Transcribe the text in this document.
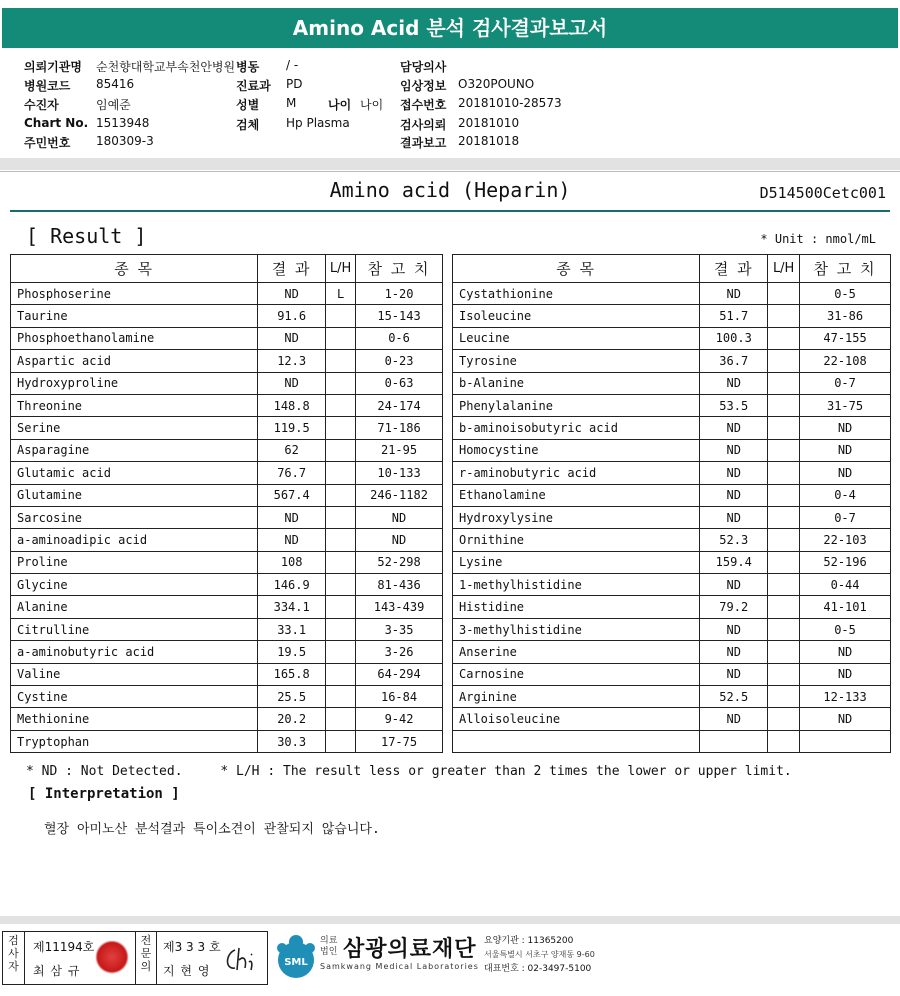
Amino Acid 분석 검사결과보고서
의뢰기관명 순천향대학교부속천안병원 병동 / -	담당의사
병원코드 85416	진료과 PD	임상정보 O320POUNO
수진자	임예준	성별 M	나이 나이 접수번호 20181010-28573
Chart No. 1513948	검체 Hp Plasma	검사의뢰 20181010
주민번호 180309-3	결과보고 20181018
Amino acid (Heparin)	D514500Cetc001
[ Result ]	* Unit : nmol/mL
종 목	결 과	L/H	참 고 치
Phosphoserine	ND	L	1-20
Taurine	91.6		15-143
Phosphoethanolamine	ND		0-6
Aspartic acid	12.3		0-23
Hydroxyproline	ND		0-63
Threonine	148.8		24-174
Serine	119.5		71-186
Asparagine	62		21-95
Glutamic acid	76.7		10-133
Glutamine	567.4		246-1182
Sarcosine	ND		ND
a-aminoadipic acid	ND		ND
Proline	108		52-298
Glycine	146.9		81-436
Alanine	334.1		143-439
Citrulline	33.1		3-35
a-aminobutyric acid	19.5		3-26
Valine	165.8		64-294
Cystine	25.5		16-84
Methionine	20.2		9-42
Tryptophan	30.3		17-75
종 목	결 과	L/H	참 고 치
Cystathionine	ND		0-5
Isoleucine	51.7		31-86
Leucine	100.3		47-155
Tyrosine	36.7		22-108
b-Alanine	ND		0-7
Phenylalanine	53.5		31-75
b-aminoisobutyric acid	ND		ND
Homocystine	ND		ND
r-aminobutyric acid	ND		ND
Ethanolamine	ND		0-4
Hydroxylysine	ND		0-7
Ornithine	52.3		22-103
Lysine	159.4		52-196
1-methylhistidine	ND		0-44
Histidine	79.2		41-101
3-methylhistidine	ND		0-5
Anserine	ND		ND
Carnosine	ND		ND
Arginine	52.5		12-133
Alloisoleucine	ND		ND

* ND : Not Detected.	* L/H : The result less or greater than 2 times the lower or upper limit.
[ Interpretation ]
혈장 아미노산 분석결과 특이소견이 관찰되지 않습니다.
검사자
제11194호
최 삼 규
전문의
제3 3 3 호
지 현 영
SML
의료법인 삼광의료재단
Samkwang Medical Laboratories
요양기관 : 11365200
서울특별시 서초구 양재동 9-60
대표번호 : 02-3497-5100
